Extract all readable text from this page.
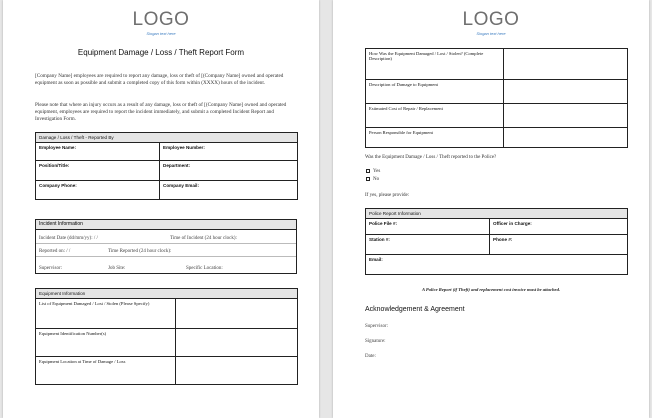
LOGO
Slogan text here
Equipment Damage / Loss / Theft Report Form
[Company Name] employees are required to report any damage, loss or theft of [(Company Name] owned and operated equipment as soon as possible and submit a completed copy of this form within (XXXX) hours of the incident.
Please note that where an injury occurs as a result of any damage, loss or theft of [(Company Name] owned and operated equipment, employees are required to report the incident immediately, and submit a completed Incident Report and Investigation Form.
Damage / Loss / Theft - Reported By	
Employee Name:	Employee Number:
Position/Title:	Department:
Company Phone:	Company Email:
Incident Information
Incident Date (dd/mm/yy): / /	Time of Incident (24 hour clock):
Reported on: / /	Time Reported (24 hour clock):
Supervisor:	Job Site:	Specific Location:
Equipment Information	
List of Equipment Damaged / Lost / Stolen (Please Specify)	
Equipment Identification Number(s)	
Equipment Location at Time of Damage / Loss	
LOGO
Slogan text here
How Was the Equipment Damaged / Lost / Stolen? (Complete Description)	
Description of Damage to Equipment	
Estimated Cost of Repair / Replacement	
Person Responsible for Equipment	
Was the Equipment Damage / Loss / Theft reported to the Police?
Yes
No
If yes, please provide:
Police Report Information	
Police File #:	Officer in Charge:
Station #:	Phone #:
Email:	
A Police Report (if Theft) and replacement cost invoice must be attached.
Acknowledgement & Agreement
Supervisor:
Signature:
Date:
